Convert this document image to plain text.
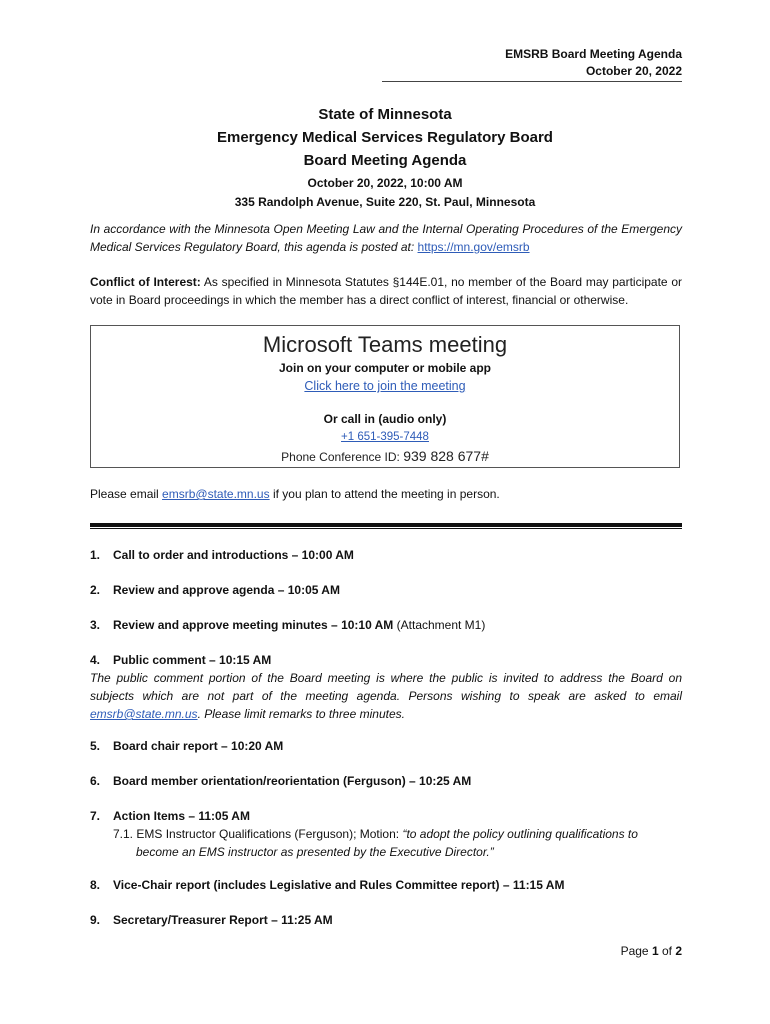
EMSRB Board Meeting Agenda
October 20, 2022
State of Minnesota
Emergency Medical Services Regulatory Board
Board Meeting Agenda
October 20, 2022, 10:00 AM
335 Randolph Avenue, Suite 220, St. Paul, Minnesota
In accordance with the Minnesota Open Meeting Law and the Internal Operating Procedures of the Emergency Medical Services Regulatory Board, this agenda is posted at: https://mn.gov/emsrb
Conflict of Interest: As specified in Minnesota Statutes §144E.01, no member of the Board may participate or vote in Board proceedings in which the member has a direct conflict of interest, financial or otherwise.
Microsoft Teams meeting
Join on your computer or mobile app
Click here to join the meeting
Or call in (audio only)
+1 651-395-7448
Phone Conference ID: 939 828 677#
Please email emsrb@state.mn.us if you plan to attend the meeting in person.
1. Call to order and introductions – 10:00 AM
2. Review and approve agenda – 10:05 AM
3. Review and approve meeting minutes – 10:10 AM (Attachment M1)
4. Public comment – 10:15 AM
The public comment portion of the Board meeting is where the public is invited to address the Board on subjects which are not part of the meeting agenda. Persons wishing to speak are asked to email emsrb@state.mn.us. Please limit remarks to three minutes.
5. Board chair report – 10:20 AM
6. Board member orientation/reorientation (Ferguson) – 10:25 AM
7. Action Items – 11:05 AM
7.1. EMS Instructor Qualifications (Ferguson); Motion: “to adopt the policy outlining qualifications to become an EMS instructor as presented by the Executive Director.”
8. Vice-Chair report (includes Legislative and Rules Committee report) – 11:15 AM
9. Secretary/Treasurer Report – 11:25 AM
Page 1 of 2
